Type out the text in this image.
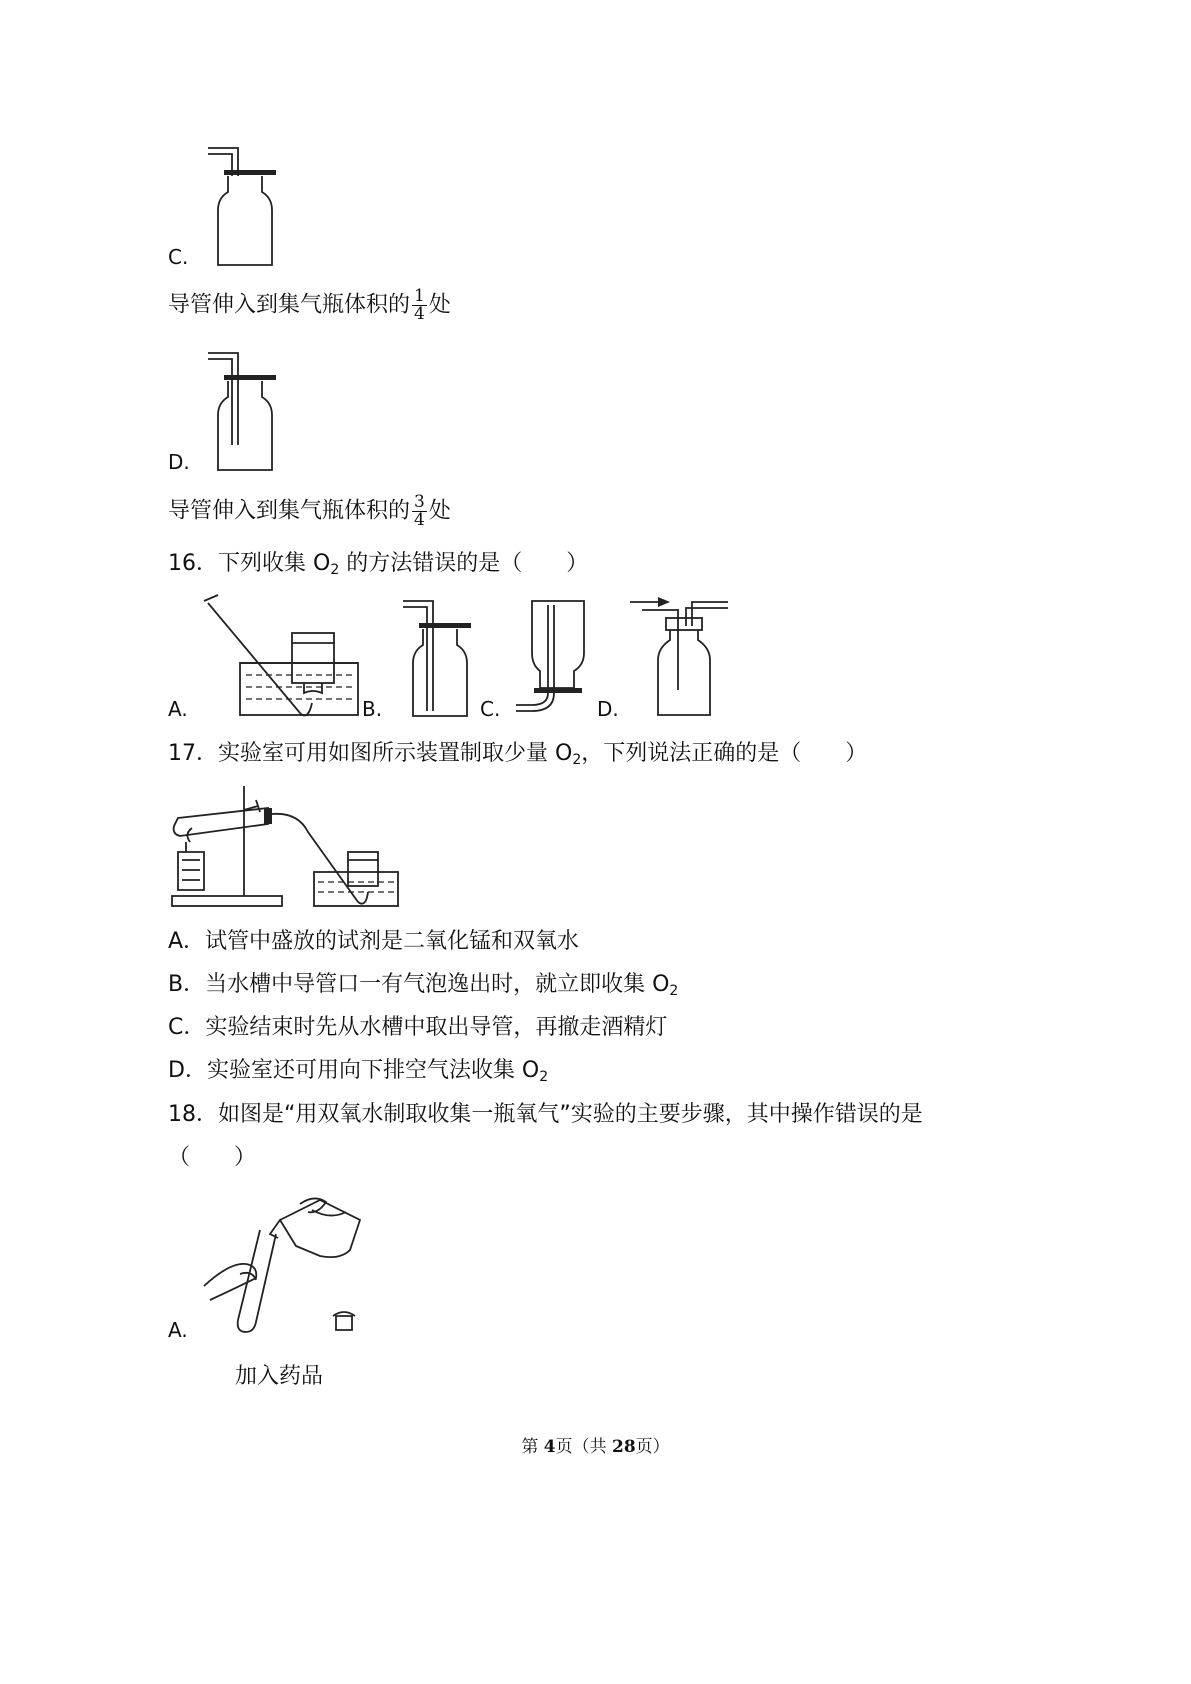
C.
导管伸入到集气瓶体积的 $\frac{1}{4}$ 处
D.
导管伸入到集气瓶体积的 $\frac{3}{4}$ 处
16．下列收集 $O_2$ 的方法错误的是（　　）
A.	B.	C.	D.
17．实验室可用如图所示装置制取少量 $O_2$，下列说法正确的是（　　）
A．试管中盛放的试剂是二氧化锰和双氧水
B．当水槽中导管口一有气泡逸出时，就立即收集 $O_2$
C．实验结束时先从水槽中取出导管，再撤走酒精灯
D．实验室还可用向下排空气法收集 $O_2$
18．如图是“用双氧水制取收集一瓶氧气”实验的主要步骤，其中操作错误的是
（　　）
A.
加入药品
第 4页（共 28页）
